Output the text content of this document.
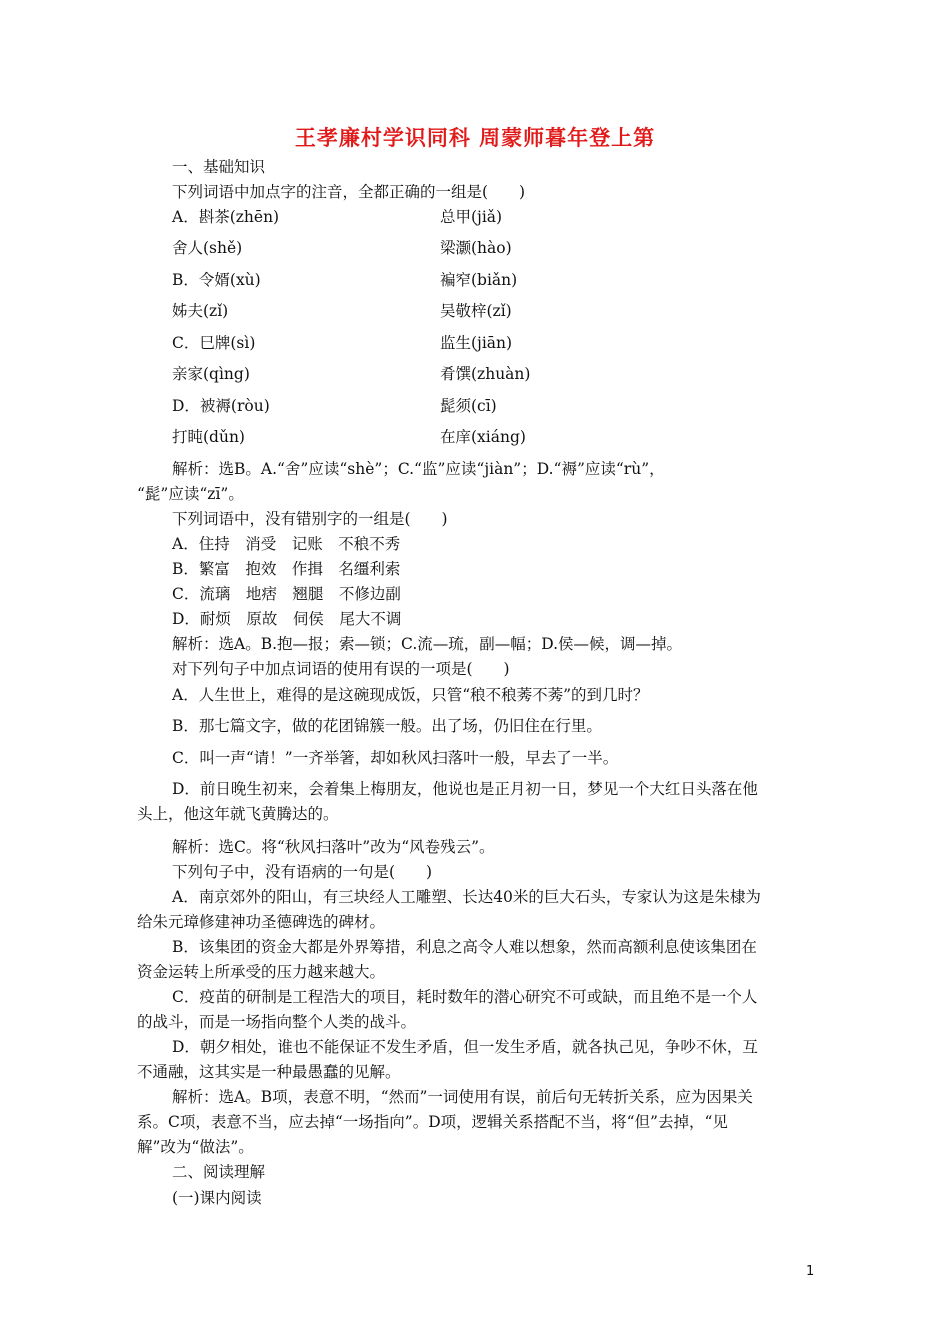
王孝廉村学识同科 周蒙师暮年登上第
一、基础知识
下列词语中加点字的注音，全都正确的一组是(　　)
A．斟茶(zhēn)	总甲(jiǎ)
舍人(shě)	梁灏(hào)
B．令婿(xù)	褊窄(biǎn)
姊夫(zǐ)	吴敬梓(zǐ)
C．巳牌(sì)	监生(jiān)
亲家(qìng)	肴馔(zhuàn)
D．被褥(ròu)	髭须(cī)
打盹(dǔn)	在庠(xiáng)
解析：选B。A.“舍”应读“shè”；C.“监”应读“jiàn”；D.“褥”应读“rù”，
“髭”应读“zī”。
下列词语中，没有错别字的一组是(　　)
A．住持　消受　记账　不稂不秀
B．繁富　抱效　作揖　名缰利索
C．流璃　地痞　翘腿　不修边副
D．耐烦　原故　伺侯　尾大不调
解析：选A。B.抱—报；索—锁；C.流—琉，副—幅；D.侯—候，调—掉。
对下列句子中加点词语的使用有误的一项是(　　)
A．人生世上，难得的是这碗现成饭，只管“稂不稂莠不莠”的到几时？
B．那七篇文字，做的花团锦簇一般。出了场，仍旧住在行里。
C．叫一声“请！”一齐举箸，却如秋风扫落叶一般，早去了一半。
D．前日晚生初来，会着集上梅朋友，他说也是正月初一日，梦见一个大红日头落在他
头上，他这年就飞黄腾达的。
解析：选C。将“秋风扫落叶”改为“风卷残云”。
下列句子中，没有语病的一句是(　　)
A．南京郊外的阳山，有三块经人工雕塑、长达40米的巨大石头，专家认为这是朱棣为
给朱元璋修建神功圣德碑选的碑材。
B．该集团的资金大都是外界筹措，利息之高令人难以想象，然而高额利息使该集团在
资金运转上所承受的压力越来越大。
C．疫苗的研制是工程浩大的项目，耗时数年的潜心研究不可或缺，而且绝不是一个人
的战斗，而是一场指向整个人类的战斗。
D．朝夕相处，谁也不能保证不发生矛盾，但一发生矛盾，就各执己见，争吵不休，互
不通融，这其实是一种最愚蠢的见解。
解析：选A。B项，表意不明，“然而”一词使用有误，前后句无转折关系，应为因果关
系。C项，表意不当，应去掉“一场指向”。D项，逻辑关系搭配不当，将“但”去掉，“见
解”改为“做法”。
二、阅读理解
(一)课内阅读
1
